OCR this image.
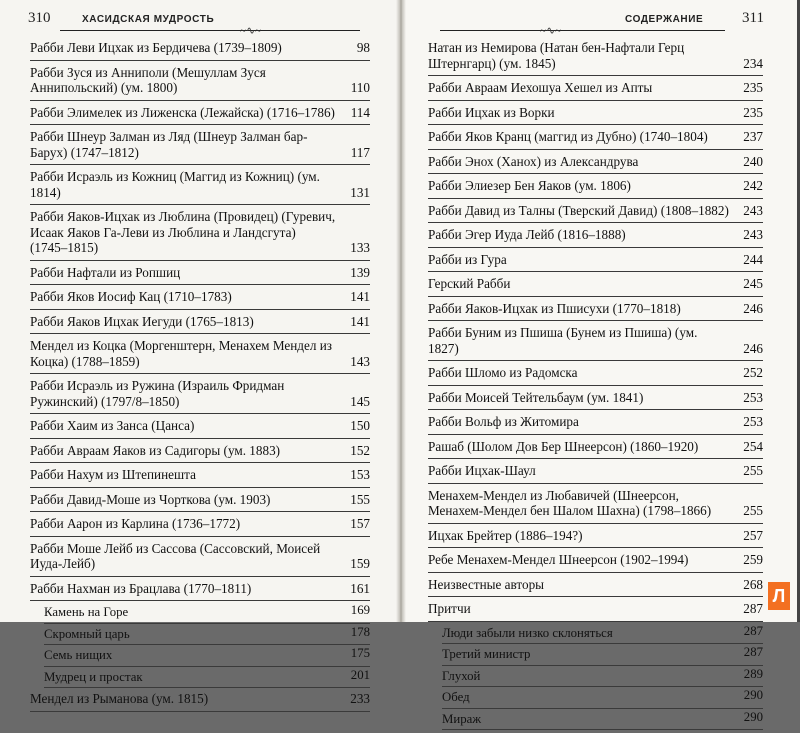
310	ХАСИДСКАЯ МУДРОСТЬ
~∿~
Рабби Леви Ицхак из Бердичева (1739–1809)	98
Рабби Зуся из Анниполи (Мешуллам Зуся Аннипольский) (ум. 1800)	110
Рабби Элимелек из Лиженска (Лежайска) (1716–1786)	114
Рабби Шнеур Залман из Ляд (Шнеур Залман бар-Барух) (1747–1812)	117
Рабби Исраэль из Кожниц (Маггид из Кожниц) (ум. 1814)	131
Рабби Яаков-Ицхак из Люблина (Провидец) (Гуревич, Исаак Яаков Га-Леви из Люблина и Ландсгута) (1745–1815)	133
Рабби Нафтали из Ропшиц	139
Рабби Яков Иосиф Кац (1710–1783)	141
Рабби Яаков Ицхак Иегуди (1765–1813)	141
Мендел из Коцка (Моргенштерн, Менахем Мендел из Коцка) (1788–1859)	143
Рабби Исраэль из Ружина (Израиль Фридман Ружинский) (1797/8–1850)	145
Рабби Хаим из Занса (Цанса)	150
Рабби Авраам Яаков из Садигоры (ум. 1883)	152
Рабби Нахум из Штепинешта	153
Рабби Давид-Моше из Чорткова (ум. 1903)	155
Рабби Аарон из Карлина (1736–1772)	157
Рабби Моше Лейб из Сассова (Сассовский, Моисей Иуда-Лейб)	159
Рабби Нахман из Брацлава (1770–1811)	161
Камень на Горе	169
Скромный царь	178
Семь нищих	175
Мудрец и простак	201
Мендел из Рыманова (ум. 1815)	233
СОДЕРЖАНИЕ	311
~∿~
Натан из Немирова (Натан бен-Нафтали Герц Штернгарц) (ум. 1845)	234
Рабби Авраам Иехошуа Хешел из Апты	235
Рабби Ицхак из Ворки	235
Рабби Яков Кранц (маггид из Дубно) (1740–1804)	237
Рабби Энох (Ханох) из Александрува	240
Рабби Элиезер Бен Яаков (ум. 1806)	242
Рабби Давид из Талны (Тверский Давид) (1808–1882)	243
Рабби Эгер Иуда Лейб (1816–1888)	243
Рабби из Гура	244
Герский Рабби	245
Рабби Яаков-Ицхак из Пшисухи (1770–1818)	246
Рабби Буним из Пшиша (Бунем из Пшиша) (ум. 1827)	246
Рабби Шломо из Радомска	252
Рабби Моисей Тейтельбаум (ум. 1841)	253
Рабби Вольф из Житомира	253
Рашаб (Шолом Дов Бер Шнеерсон) (1860–1920)	254
Рабби Ицхак-Шаул	255
Менахем-Мендел из Любавичей (Шнеерсон, Менахем-Мендел бен Шалом Шахна) (1798–1866)	255
Ицхак Брейтер (1886–194?)	257
Ребе Менахем-Мендел Шнеерсон (1902–1994)	259
Неизвестные авторы	268
Притчи	287
Люди забыли низко склоняться	287
Третий министр	287
Глухой	289
Обед	290
Мираж	290
Л
